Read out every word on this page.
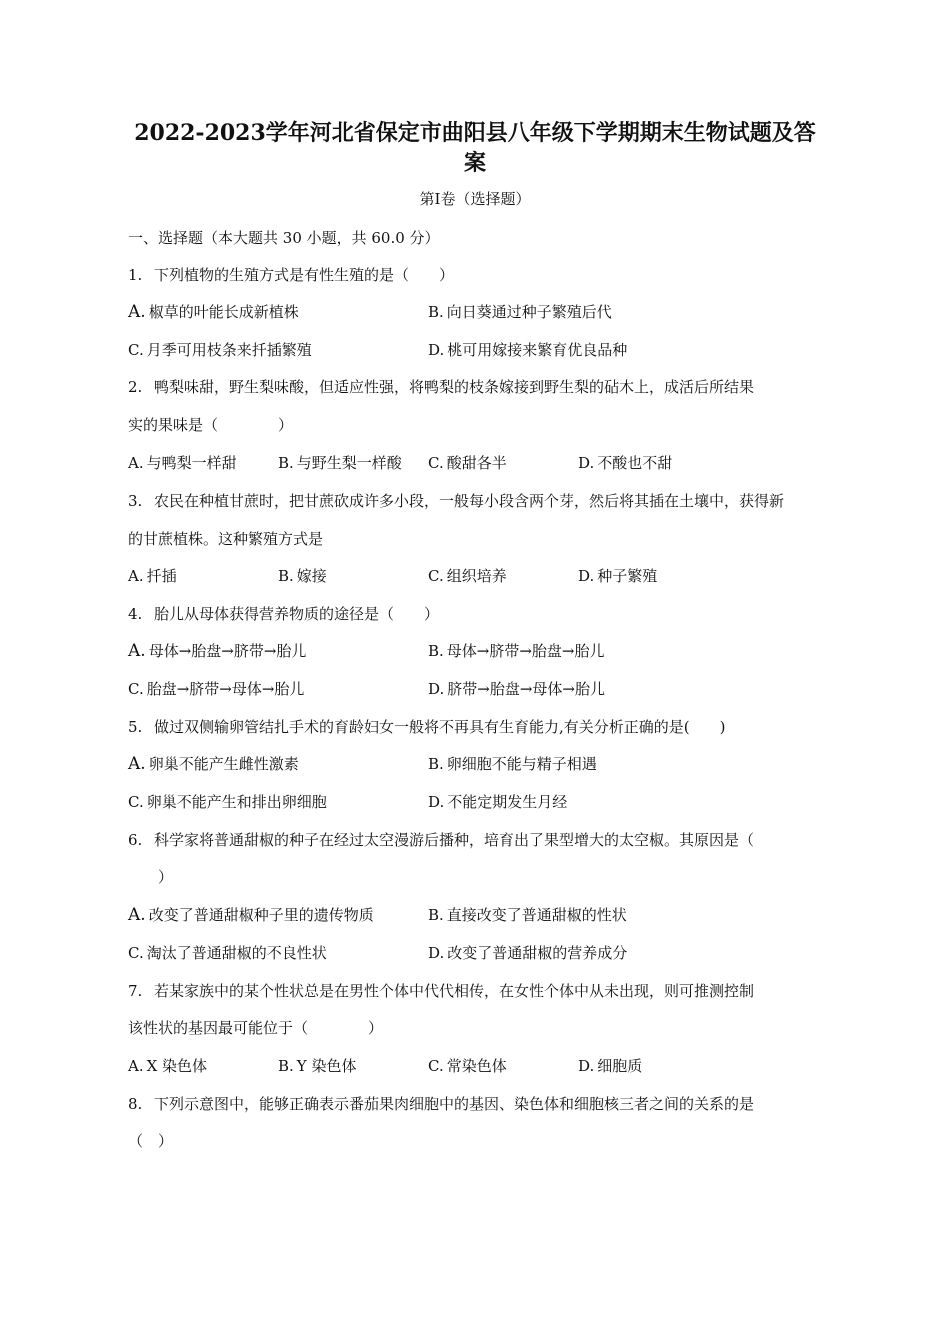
2022-2023学年河北省保定市曲阳县八年级下学期期末生物试题及答
案
第Ⅰ卷（选择题）
一、选择题（本大题共 30 小题，共 60.0 分）
1. 下列植物的生殖方式是有性生殖的是（　　）
A. 椒草的叶能长成新植株	B. 向日葵通过种子繁殖后代
C. 月季可用枝条来扦插繁殖	D. 桃可用嫁接来繁育优良品种
2. 鸭梨味甜，野生梨味酸，但适应性强，将鸭梨的枝条嫁接到野生梨的砧木上，成活后所结果
实的果味是（　　　　）
A. 与鸭梨一样甜	B. 与野生梨一样酸 C. 酸甜各半	D. 不酸也不甜
3. 农民在种植甘蔗时，把甘蔗砍成许多小段，一般每小段含两个芽，然后将其插在土壤中，获得新
的甘蔗植株。这种繁殖方式是
A. 扦插	B. 嫁接	C. 组织培养	D. 种子繁殖
4. 胎儿从母体获得营养物质的途径是（　　）
A. 母体→胎盘→脐带→胎儿	B. 母体→脐带→胎盘→胎儿
C. 胎盘→脐带→母体→胎儿	D. 脐带→胎盘→母体→胎儿
5. 做过双侧输卵管结扎手术的育龄妇女一般将不再具有生育能力,有关分析正确的是(　　)
A. 卵巢不能产生雌性激素	B. 卵细胞不能与精子相遇
C. 卵巢不能产生和排出卵细胞	D. 不能定期发生月经
6. 科学家将普通甜椒的种子在经过太空漫游后播种，培育出了果型增大的太空椒。其原因是（
）
A. 改变了普通甜椒种子里的遗传物质	B. 直接改变了普通甜椒的性状
C. 淘汰了普通甜椒的不良性状	D. 改变了普通甜椒的营养成分
7. 若某家族中的某个性状总是在男性个体中代代相传，在女性个体中从未出现，则可推测控制
该性状的基因最可能位于（　　　　）
A. X 染色体	B. Y 染色体	C. 常染色体	D. 细胞质
8. 下列示意图中，能够正确表示番茄果肉细胞中的基因、染色体和细胞核三者之间的关系的是
（　）
